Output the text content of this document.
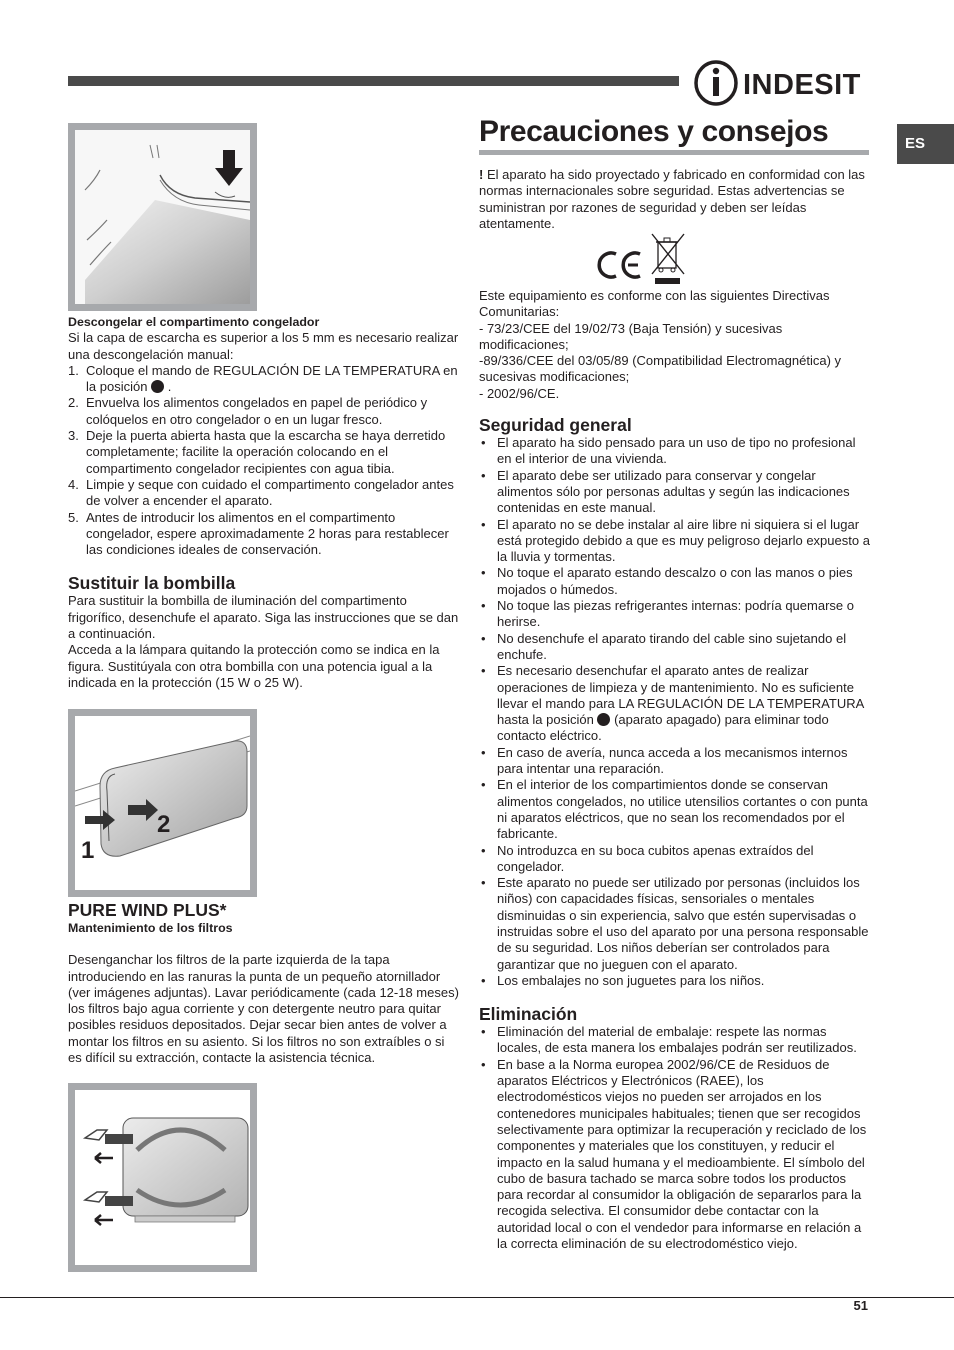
INDESIT
ES

Descongelar el compartimento congelador

Si la capa de escarcha es superior a los 5 mm es necesario realizar una descongelación manual:

1. Coloque el mando de REGULACIÓN DE LA TEMPERATURA en la posición .
2. Envuelva los alimentos congelados en papel de periódico y colóquelos en otro congelador o en un lugar fresco.
3. Deje la puerta abierta hasta que la escarcha se haya derretido completamente; facilite la operación colocando en el compartimento congelador recipientes con agua tibia.
4. Limpie y seque con cuidado el compartimento congelador antes de volver a encender el aparato.
5. Antes de introducir los alimentos en el compartimento congelador, espere aproximadamente 2 horas para restablecer las condiciones ideales de conservación.

Sustituir la bombilla

Para sustituir la bombilla de iluminación del compartimento frigorífico, desenchufe el aparato. Siga las instrucciones que se dan a continuación.

Acceda a la lámpara quitando la protección como se indica en la figura. Sustitúyala con otra bombilla con una potencia igual a la indicada en la protección (15 W o 25 W).

1
2

PURE WIND PLUS*

Mantenimiento de los filtros

Desenganchar los filtros de la parte izquierda de la tapa introduciendo en las ranuras la punta de un pequeño atornillador (ver imágenes adjuntas). Lavar periódicamente (cada 12-18 meses) los filtros bajo agua corriente y con detergente neutro para quitar posibles residuos depositados. Dejar secar bien antes de volver a montar los filtros en su asiento. Si los filtros no son extraíbles o si es difícil su extracción, contacte la asistencia técnica.

Precauciones y consejos

! El aparato ha sido proyectado y fabricado en conformidad con las normas internacionales sobre seguridad. Estas advertencias se suministran por razones de seguridad y deben ser leídas atentamente.

Este equipamiento es conforme con las siguientes Directivas Comunitarias:

- 73/23/CEE del 19/02/73 (Baja Tensión) y sucesivas modificaciones;

-89/336/CEE del 03/05/89 (Compatibilidad Electromagnética) y sucesivas modificaciones;

- 2002/96/CE.

Seguridad general

• El aparato ha sido pensado para un uso de tipo no profesional en el interior de una vivienda.
• El aparato debe ser utilizado para conservar y congelar alimentos sólo por personas adultas y según las indicaciones contenidas en este manual.
• El aparato no se debe instalar al aire libre ni siquiera si el lugar está protegido debido a que es muy peligroso dejarlo expuesto a la lluvia y tormentas.
• No toque el aparato estando descalzo o con las manos o pies mojados o húmedos.
• No toque las piezas refrigerantes internas: podría quemarse o herirse.
• No desenchufe el aparato tirando del cable sino sujetando el enchufe.
• Es necesario desenchufar el aparato antes de realizar operaciones de limpieza y de mantenimiento. No es suficiente llevar el mando para LA REGULACIÓN DE LA TEMPERATURA hasta la posición  (aparato apagado) para eliminar todo contacto eléctrico.
• En caso de avería, nunca acceda a los mecanismos internos para intentar una reparación.
• En el interior de los compartimientos donde se conservan alimentos congelados, no utilice utensilios cortantes o con punta ni aparatos eléctricos, que no sean los recomendados por el fabricante.
• No introduzca en su boca cubitos apenas extraídos del congelador.
• Este aparato no puede ser utilizado por personas (incluidos los niños) con capacidades físicas, sensoriales o mentales disminuidas o sin experiencia, salvo que estén supervisadas o instruidas sobre el uso del aparato por una persona responsable de su seguridad. Los niños deberían ser controlados para garantizar que no jueguen con el aparato.
• Los embalajes no son juguetes para los niños.

Eliminación

• Eliminación del material de embalaje: respete las normas locales, de esta manera los embalajes podrán ser reutilizados.
• En base a la Norma europea 2002/96/CE de Residuos de aparatos Eléctricos y Electrónicos (RAEE), los electrodomésticos viejos no pueden ser arrojados en los contenedores municipales habituales; tienen que ser recogidos selectivamente para optimizar la recuperación y reciclado de los componentes y materiales que los constituyen, y reducir el impacto en la salud humana y el medioambiente. El símbolo del cubo de basura tachado se marca sobre todos los productos para recordar al consumidor la obligación de separarlos para la recogida selectiva. El consumidor debe contactar con la autoridad local o con el vendedor para informarse en relación a la correcta eliminación de su electrodoméstico viejo.
51
